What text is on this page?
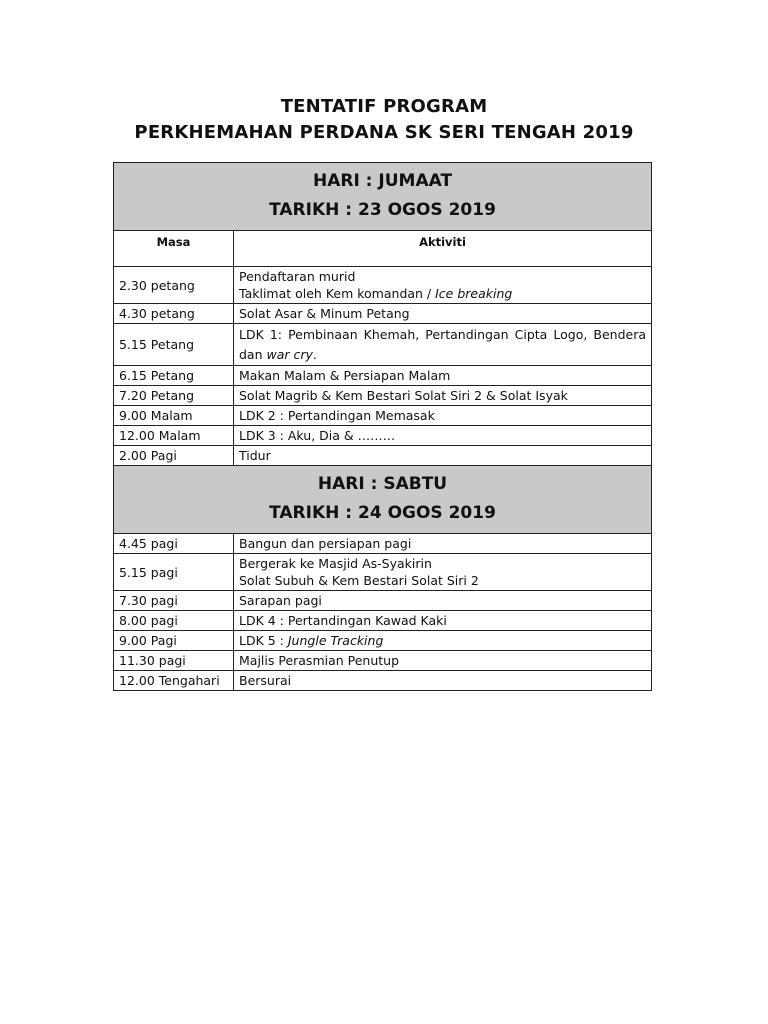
TENTATIF PROGRAM
PERKHEMAHAN PERDANA SK SERI TENGAH 2019
HARI : JUMAAT
TARIKH : 23 OGOS 2019	

Masa	Aktiviti
2.30 petang	Pendaftaran murid
Taklimat oleh Kem komandan / Ice breaking

4.30 petang	Solat Asar & Minum Petang
5.15 Petang	LDK 1: Pembinaan Khemah, Pertandingan Cipta Logo, Bendera dan war cry.
6.15 Petang	Makan Malam & Persiapan Malam
7.20 Petang	Solat Magrib & Kem Bestari Solat Siri 2 & Solat Isyak
9.00 Malam	LDK 2 : Pertandingan Memasak
12.00 Malam	LDK 3 : Aku, Dia & ………
2.00 Pagi	Tidur

HARI : SABTU
TARIKH : 24 OGOS 2019	

4.45 pagi	Bangun dan persiapan pagi
5.15 pagi	Bergerak ke Masjid As-Syakirin
Solat Subuh & Kem Bestari Solat Siri 2

7.30 pagi	Sarapan pagi
8.00 pagi	LDK 4 : Pertandingan Kawad Kaki
9.00 Pagi	LDK 5 : Jungle Tracking
11.30 pagi	Majlis Perasmian Penutup
12.00 Tengahari	Bersurai
